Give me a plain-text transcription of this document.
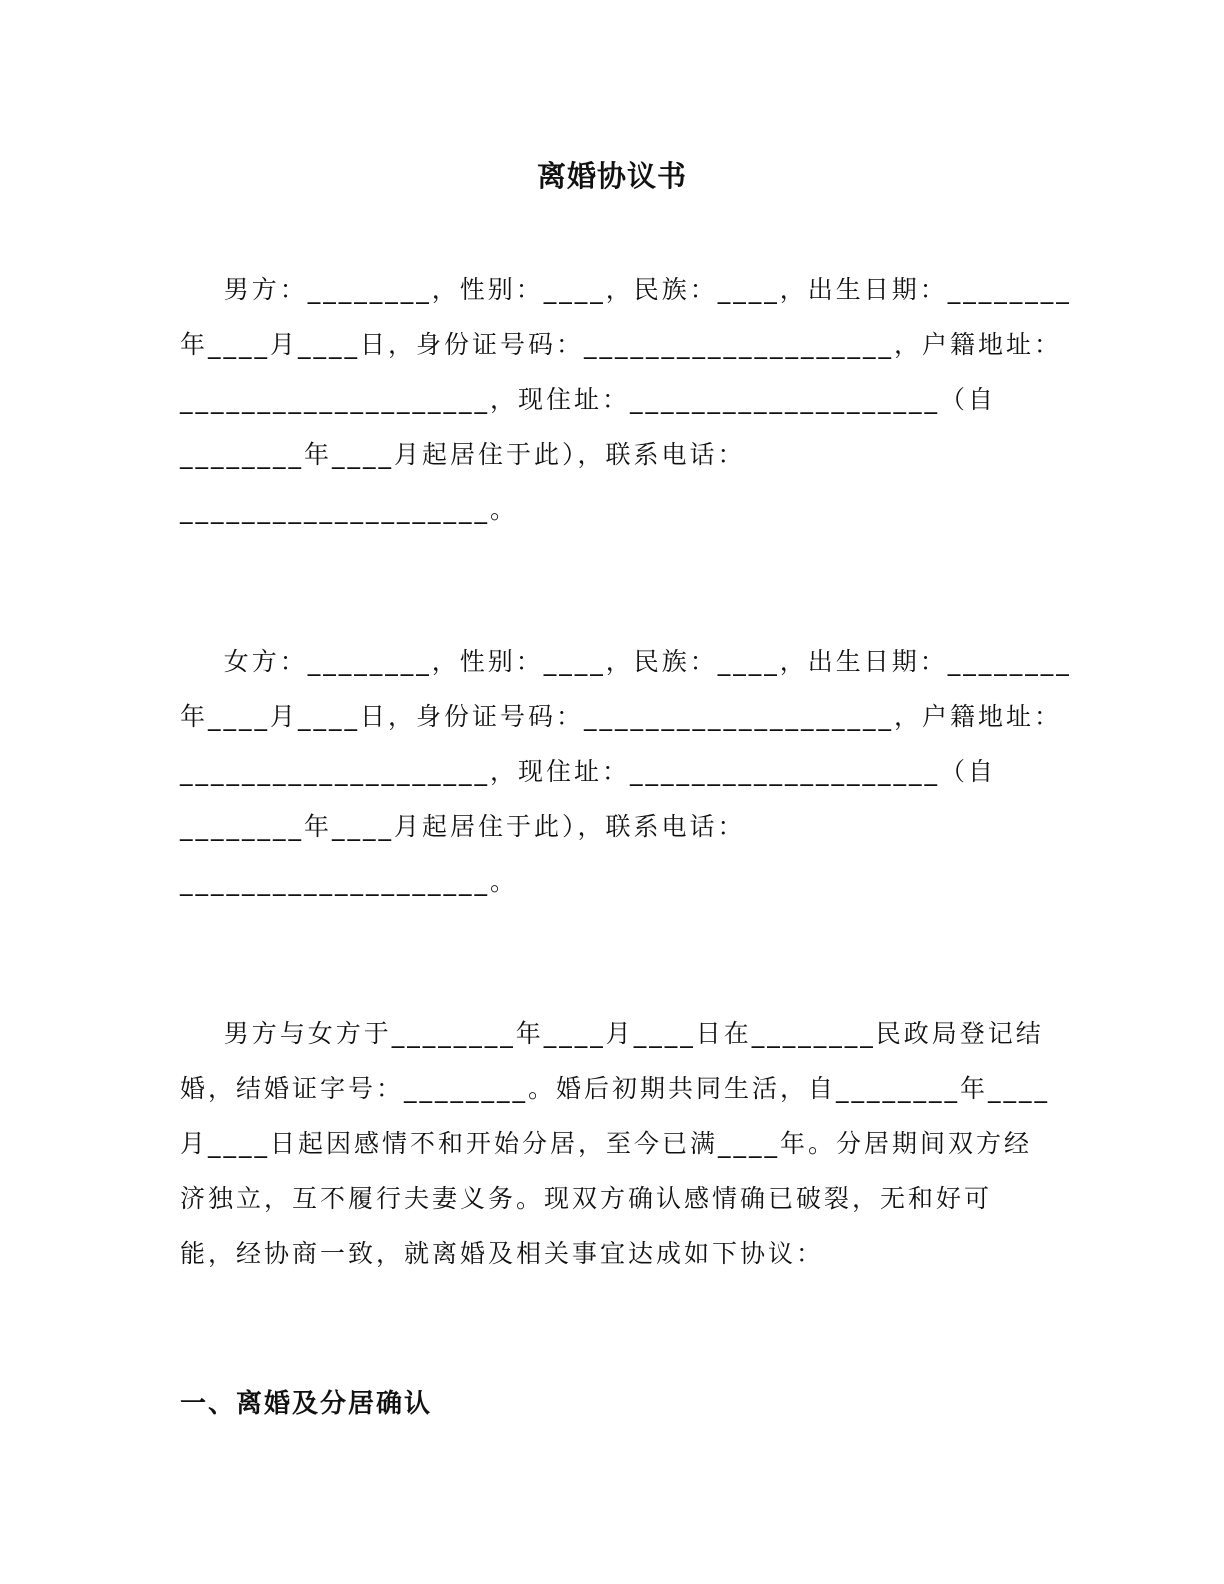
离婚协议书
男方：________，性别：____，民族：____，出生日期：________
年____月____日，身份证号码：____________________，户籍地址：
____________________，现住址：____________________（自
________年____月起居住于此），联系电话：
____________________。
女方：________，性别：____，民族：____，出生日期：________
年____月____日，身份证号码：____________________，户籍地址：
____________________，现住址：____________________（自
________年____月起居住于此），联系电话：
____________________。
男方与女方于________年____月____日在________民政局登记结
婚，结婚证字号：________。婚后初期共同生活，自________年____
月____日起因感情不和开始分居，至今已满____年。分居期间双方经
济独立，互不履行夫妻义务。现双方确认感情确已破裂，无和好可
能，经协商一致，就离婚及相关事宜达成如下协议：
一、离婚及分居确认
